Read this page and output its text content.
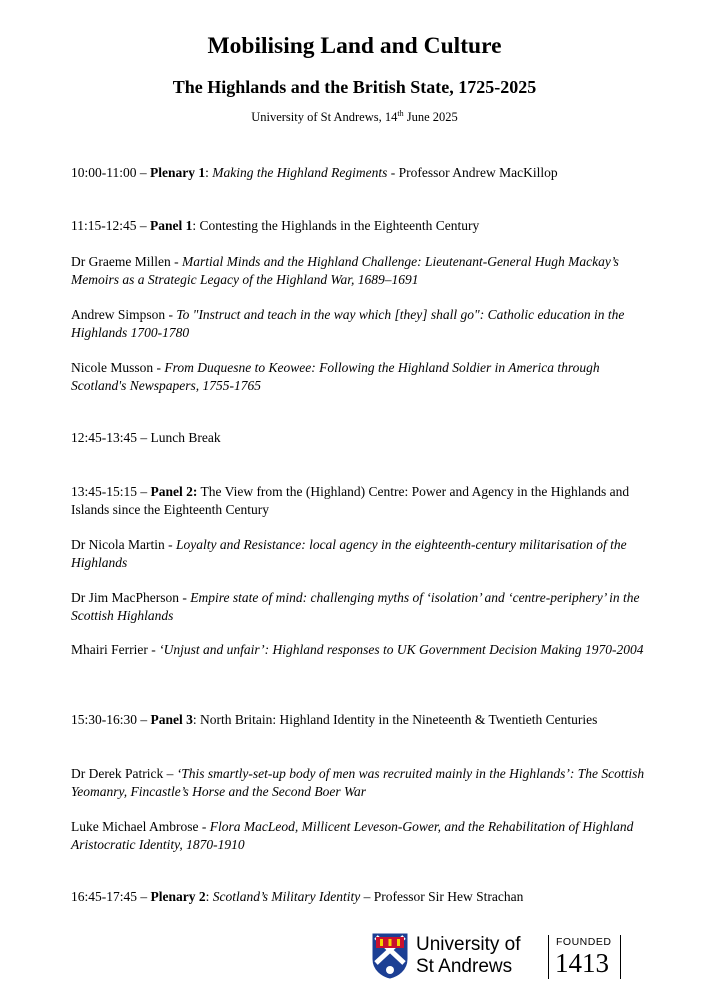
Mobilising Land and Culture
The Highlands and the British State, 1725-2025
University of St Andrews, 14th June 2025
10:00-11:00 – Plenary 1: Making the Highland Regiments - Professor Andrew MacKillop
11:15-12:45 – Panel 1: Contesting the Highlands in the Eighteenth Century
Dr Graeme Millen - Martial Minds and the Highland Challenge: Lieutenant-General Hugh Mackay’s Memoirs as a Strategic Legacy of the Highland War, 1689–1691
Andrew Simpson - To "Instruct and teach in the way which [they] shall go": Catholic education in the Highlands 1700-1780
Nicole Musson - From Duquesne to Keowee: Following the Highland Soldier in America through Scotland's Newspapers, 1755-1765
12:45-13:45 – Lunch Break
13:45-15:15 – Panel 2: The View from the (Highland) Centre: Power and Agency in the Highlands and Islands since the Eighteenth Century
Dr Nicola Martin - Loyalty and Resistance: local agency in the eighteenth-century militarisation of the Highlands
Dr Jim MacPherson - Empire state of mind: challenging myths of ‘isolation’ and ‘centre-periphery’ in the Scottish Highlands
Mhairi Ferrier - ‘Unjust and unfair’: Highland responses to UK Government Decision Making 1970-2004
15:30-16:30 – Panel 3: North Britain: Highland Identity in the Nineteenth & Twentieth Centuries
Dr Derek Patrick – ‘This smartly-set-up body of men was recruited mainly in the Highlands’: The Scottish Yeomanry, Fincastle’s Horse and the Second Boer War
Luke Michael Ambrose - Flora MacLeod, Millicent Leveson-Gower, and the Rehabilitation of Highland Aristocratic Identity, 1870-1910
16:45-17:45 – Plenary 2: Scotland’s Military Identity – Professor Sir Hew Strachan
University of
St Andrews
FOUNDED
1413
